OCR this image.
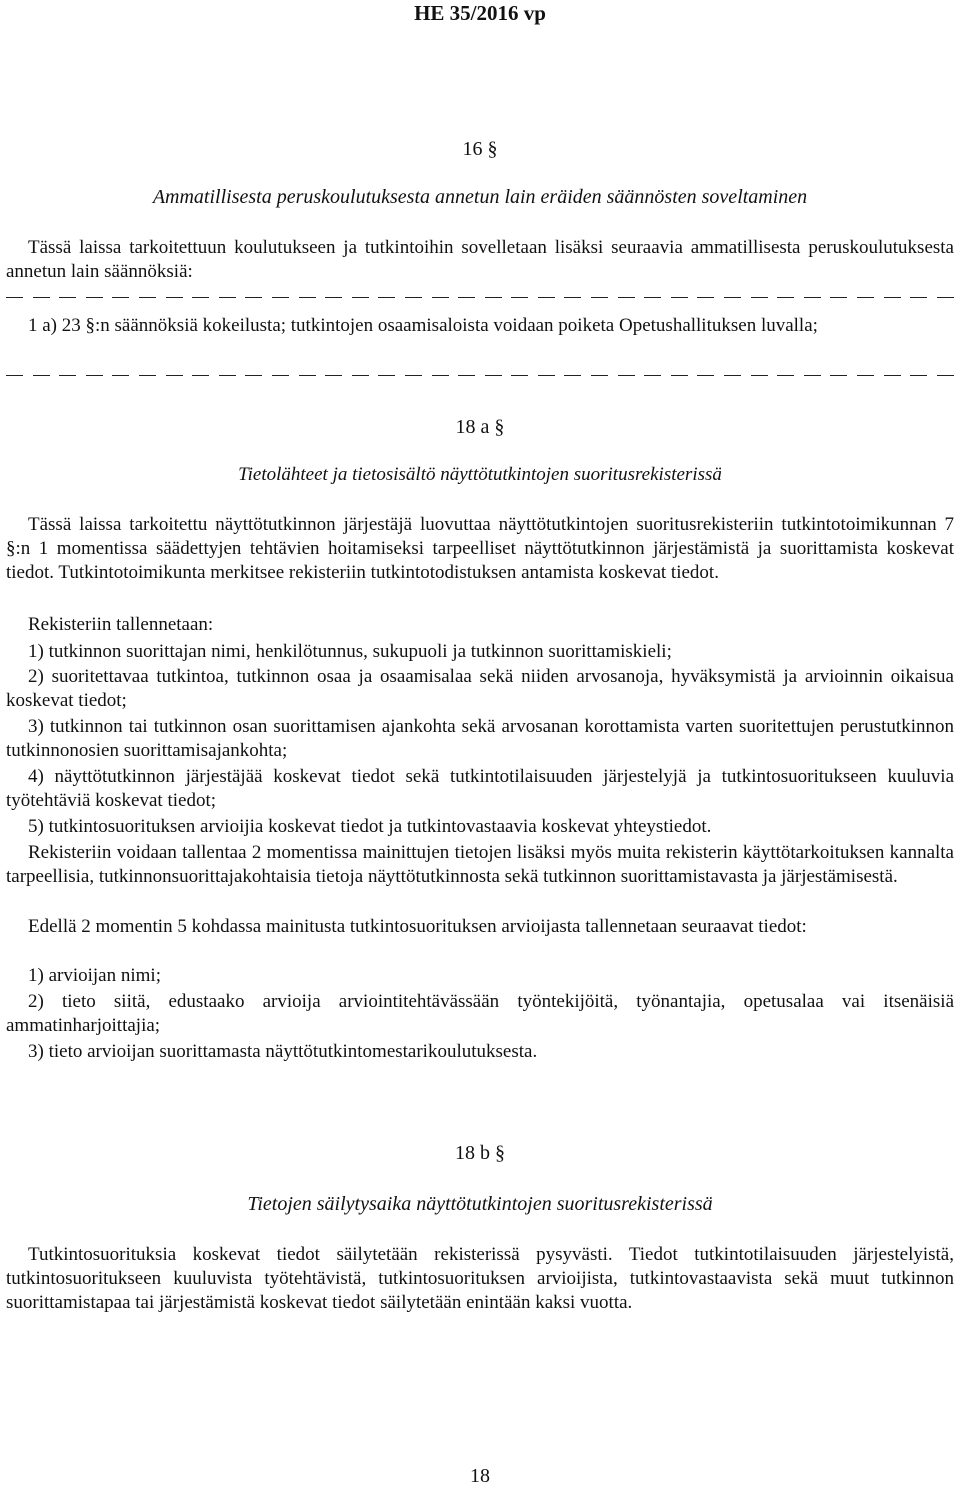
HE 35/2016 vp

16 §

Ammatillisesta peruskoulutuksesta annetun lain eräiden säännösten soveltaminen

Tässä laissa tarkoitettuun koulutukseen ja tutkintoihin sovelletaan lisäksi seuraavia ammatillisesta peruskoulutuksesta annetun lain säännöksiä:

1 a) 23 §:n säännöksiä kokeilusta; tutkintojen osaamisaloista voidaan poiketa Opetushallituksen luvalla;

18 a §

Tietolähteet ja tietosisältö näyttötutkintojen suoritusrekisterissä

Tässä laissa tarkoitettu näyttötutkinnon järjestäjä luovuttaa näyttötutkintojen suoritusrekisteriin tutkintotoimikunnan 7 §:n 1 momentissa säädettyjen tehtävien hoitamiseksi tarpeelliset näyttötutkinnon järjestämistä ja suorittamista koskevat tiedot. Tutkintotoimikunta merkitsee rekisteriin tutkintotodistuksen antamista koskevat tiedot.

Rekisteriin tallennetaan:

1) tutkinnon suorittajan nimi, henkilötunnus, sukupuoli ja tutkinnon suorittamiskieli;

2) suoritettavaa tutkintoa, tutkinnon osaa ja osaamisalaa sekä niiden arvosanoja, hyväksymistä ja arvioinnin oikaisua koskevat tiedot;

3) tutkinnon tai tutkinnon osan suorittamisen ajankohta sekä arvosanan korottamista varten suoritettujen perustutkinnon tutkinnonosien suorittamisajankohta;

4) näyttötutkinnon järjestäjää koskevat tiedot sekä tutkintotilaisuuden järjestelyjä ja tutkintosuoritukseen kuuluvia työtehtäviä koskevat tiedot;

5) tutkintosuorituksen arvioijia koskevat tiedot ja tutkintovastaavia koskevat yhteystiedot.

Rekisteriin voidaan tallentaa 2 momentissa mainittujen tietojen lisäksi myös muita rekisterin käyttötarkoituksen kannalta tarpeellisia, tutkinnonsuorittajakohtaisia tietoja näyttötutkinnosta sekä tutkinnon suorittamistavasta ja järjestämisestä.

Edellä 2 momentin 5 kohdassa mainitusta tutkintosuorituksen arvioijasta tallennetaan seuraavat tiedot:

1) arvioijan nimi;

2) tieto siitä, edustaako arvioija arviointitehtävässään työntekijöitä, työnantajia, opetusalaa vai itsenäisiä ammatinharjoittajia;

3) tieto arvioijan suorittamasta näyttötutkintomestarikoulutuksesta.

18 b §

Tietojen säilytysaika näyttötutkintojen suoritusrekisterissä

Tutkintosuorituksia koskevat tiedot säilytetään rekisterissä pysyvästi. Tiedot tutkintotilaisuuden järjestelyistä, tutkintosuoritukseen kuuluvista työtehtävistä, tutkintosuorituksen arvioijista, tutkintovastaavista sekä muut tutkinnon suorittamistapaa tai järjestämistä koskevat tiedot säilytetään enintään kaksi vuotta.

18
